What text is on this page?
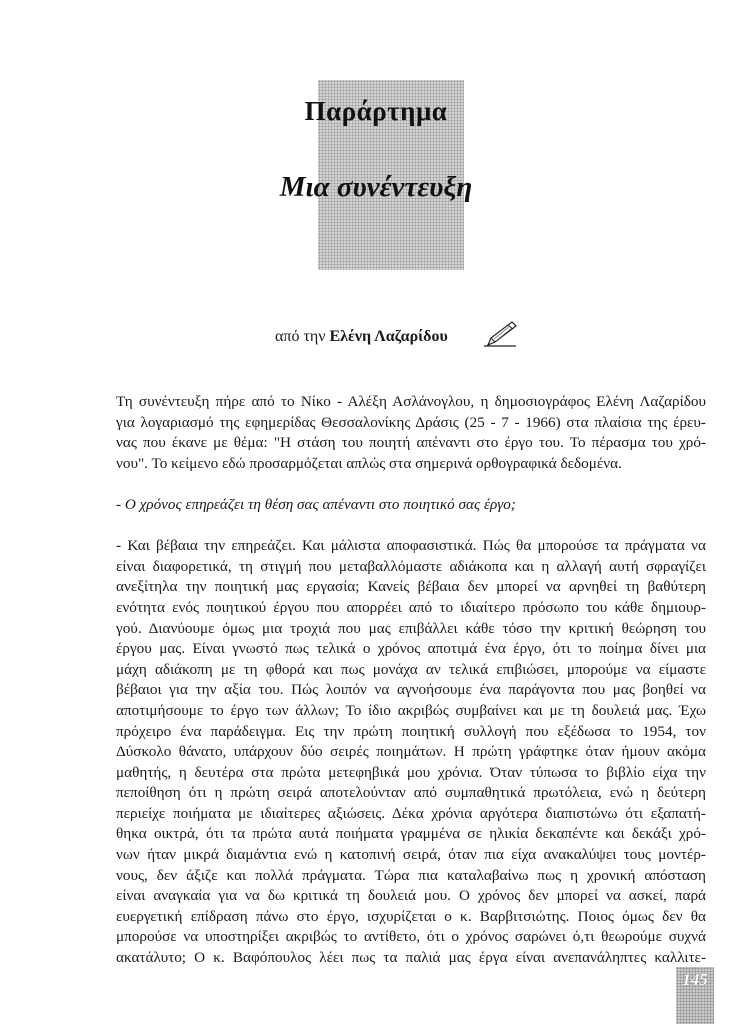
Παράρτημα
Μια συνέντευξη
από την Ελένη Λαζαρίδου
Τη συνέντευξη πήρε από το Νίκο - Αλέξη Ασλάνογλου, η δημοσιογράφος Ελένη Λαζαρίδου
για λογαριασμό της εφημερίδας Θεσσαλονίκης Δράσις (25 - 7 - 1966) στα πλαίσια της έρευ-
νας που έκανε με θέμα: "Η στάση του ποιητή απέναντι στο έργο του. Το πέρασμα του χρό-
νου". Το κείμενο εδώ προσαρμόζεται απλώς στα σημερινά ορθογραφικά δεδομένα.
- Ο χρόνος επηρεάζει τη θέση σας απέναντι στο ποιητικό σας έργο;
- Και βέβαια την επηρεάζει. Και μάλιστα αποφασιστικά. Πώς θα μπορούσε τα πράγματα να
είναι διαφορετικά, τη στιγμή που μεταβαλλόμαστε αδιάκοπα και η αλλαγή αυτή σφραγίζει
ανεξίτηλα την ποιητική μας εργασία; Κανείς βέβαια δεν μπορεί να αρνηθεί τη βαθύτερη
ενότητα ενός ποιητικού έργου που απορρέει από το ιδιαίτερο πρόσωπο του κάθε δημιουρ-
γού. Διανύουμε όμως μια τροχιά που μας επιβάλλει κάθε τόσο την κριτική θεώρηση του
έργου μας. Είναι γνωστό πως τελικά ο χρόνος αποτιμά ένα έργο, ότι το ποίημα δίνει μια
μάχη αδιάκοπη με τη φθορά και πως μονάχα αν τελικά επιβιώσει, μπορούμε να είμαστε
βέβαιοι για την αξία του. Πώς λοιπόν να αγνοήσουμε ένα παράγοντα που μας βοηθεί να
αποτιμήσουμε το έργο των άλλων; Το ίδιο ακριβώς συμβαίνει και με τη δουλειά μας. Έχω
πρόχειρο ένα παράδειγμα. Εις την πρώτη ποιητική συλλογή που εξέδωσα το 1954, τον
Δύσκολο θάνατο, υπάρχουν δύο σειρές ποιημάτων. Η πρώτη γράφτηκε όταν ήμουν ακόμα
μαθητής, η δευτέρα στα πρώτα μετεφηβικά μου χρόνια. Όταν τύπωσα το βιβλίο είχα την
πεποίθηση ότι η πρώτη σειρά αποτελούνταν από συμπαθητικά πρωτόλεια, ενώ η δεύτερη
περιείχε ποιήματα με ιδιαίτερες αξιώσεις. Δέκα χρόνια αργότερα διαπιστώνω ότι εξαπατή-
θηκα οικτρά, ότι τα πρώτα αυτά ποιήματα γραμμένα σε ηλικία δεκαπέντε και δεκάξι χρό-
νων ήταν μικρά διαμάντια ενώ η κατοπινή σειρά, όταν πια είχα ανακαλύψει τους μοντέρ-
νους, δεν άξιζε και πολλά πράγματα. Τώρα πια καταλαβαίνω πως η χρονική απόσταση
είναι αναγκαία για να δω κριτικά τη δουλειά μου. Ο χρόνος δεν μπορεί να ασκεί, παρά
ευεργετική επίδραση πάνω στο έργο, ισχυρίζεται ο κ. Βαρβιτσιώτης. Ποιος όμως δεν θα
μπορούσε να υποστηρίξει ακριβώς το αντίθετο, ότι ο χρόνος σαρώνει ό,τι θεωρούμε συχνά
ακατάλυτο; Ο κ. Βαφόπουλος λέει πως τα παλιά μας έργα είναι ανεπανάληπτες καλλιτε-
145
